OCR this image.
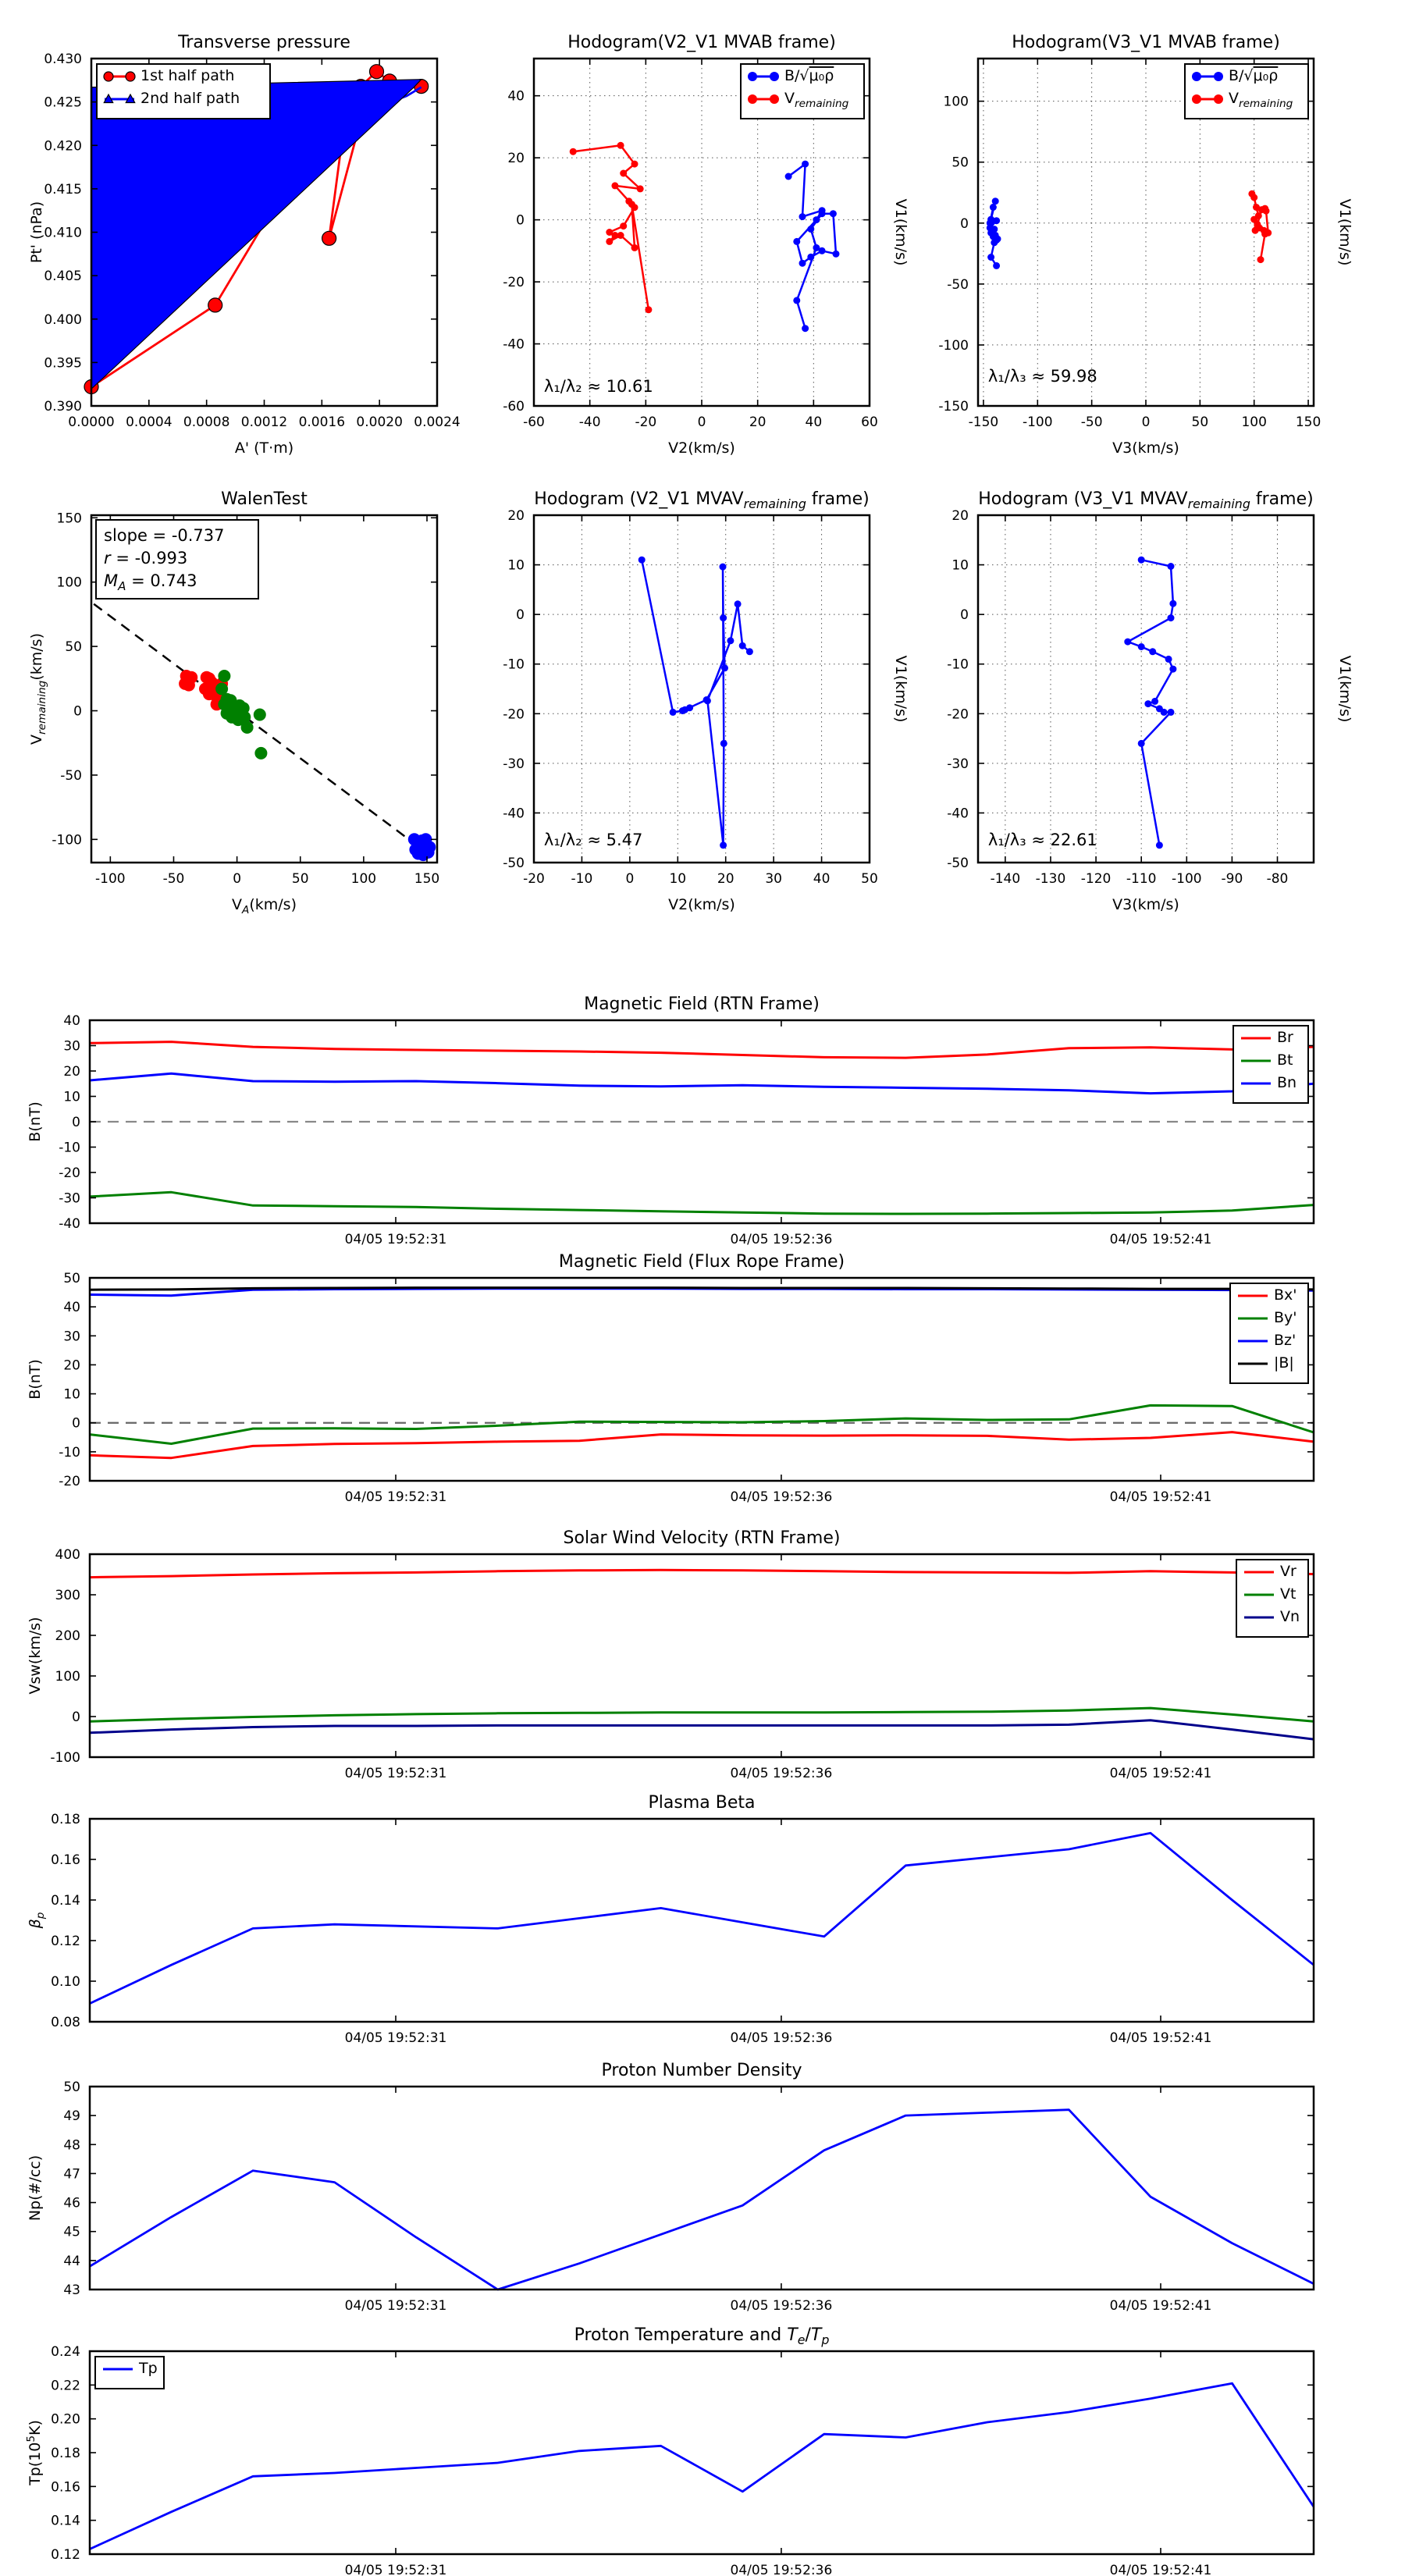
0.0000 0.0004 0.0008 0.0012 0.0016 0.0020 0.0024
0.390
0.395
0.400
0.405
0.410
0.415
0.420
0.425
0.430
Transverse pressure
A' (T·m)
Pt' (nPa)
1st half path
2nd half path
-60	-40	-20	0	20	40	60
-60
-40
-20
0
20
40
Hodogram(V2_V1 MVAB frame)
V2(km/s)
V1(km/s)
λ₁/λ₂ ≈ 10.61
B/√μ₀ρ
$V_{remaining}$
-150 -100 -50	0	50 100 150
-150
-100
-50
0
50
100
Hodogram(V3_V1 MVAB frame)
V3(km/s)
V1(km/s)
λ₁/λ₃ ≈ 59.98
B/√μ₀ρ
$V_{remaining}$
-100	-50	0	50	100	150
-100
-50
0
50
100
150
WalenTest
$V_A(km/s)$
$V_{remaining}(km/s)$
slope = -0.737
r = -0.993
$M_A = 0.743$
-20 -10 0	10 20 30 40 50
-50
-40
-30
-20
-10
0
10
20
Hodogram (V2_V1 $MVAV_{remaining}$ frame)
V2(km/s)
V1(km/s)
λ₁/λ₂ ≈ 5.47
-140 -130 -120 -110 -100 -90 -80
-50
-40
-30
-20
-10
0
10
20
Hodogram (V3_V1 $MVAV_{remaining}$ frame)
V3(km/s)
V1(km/s)
λ₁/λ₃ ≈ 22.61
04/05 19:52:31	04/05 19:52:36	04/05 19:52:41
-40
-30
-20
-10
0
10
20
30
40
Magnetic Field (RTN Frame)
B(nT)
Br
Bt
Bn
04/05 19:52:31	04/05 19:52:36	04/05 19:52:41
-20
-10
0
10
20
30
40
50
Magnetic Field (Flux Rope Frame)
B(nT)
Bx'
By'
Bz'
|B|
04/05 19:52:31	04/05 19:52:36	04/05 19:52:41
-100
0
100
200
300
400
Solar Wind Velocity (RTN Frame)
Vsw(km/s)
Vr
Vt
Vn
04/05 19:52:31	04/05 19:52:36	04/05 19:52:41
0.08
0.10
0.12
0.14
0.16
0.18
Plasma Beta
$\beta_p$
04/05 19:52:31	04/05 19:52:36	04/05 19:52:41
43
44
45
46
47
48
49
50
Proton Number Density
Np(#/cc)
04/05 19:52:31	04/05 19:52:36	04/05 19:52:41
0.12
0.14
0.16
0.18
0.20
0.22
0.24
Proton Temperature and $T_e/T_p$
$Tp(10^5K)$
Tp
